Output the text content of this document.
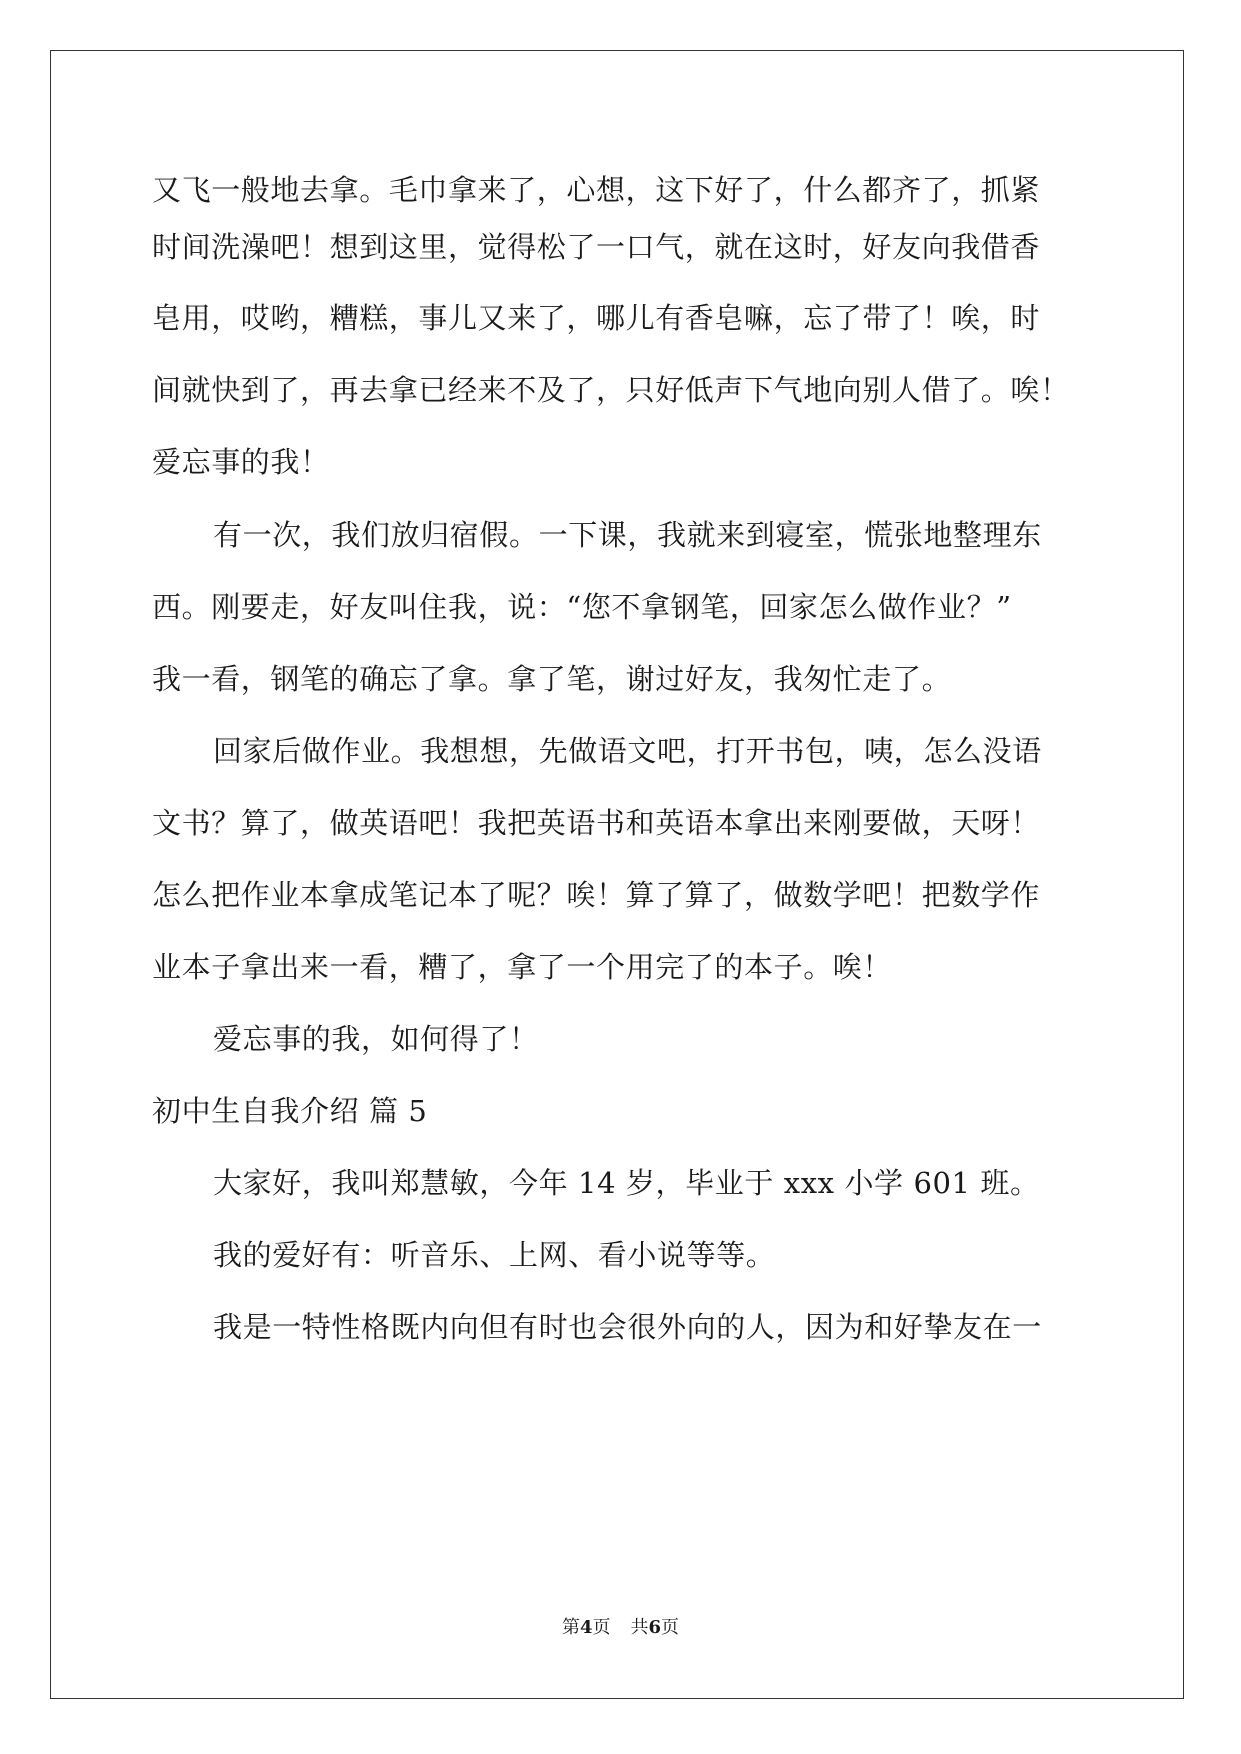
又飞一般地去拿。毛巾拿来了，心想，这下好了，什么都齐了，抓紧
时间洗澡吧！想到这里，觉得松了一口气，就在这时，好友向我借香
皂用，哎哟，糟糕，事儿又来了，哪儿有香皂嘛，忘了带了！唉，时
间就快到了，再去拿已经来不及了，只好低声下气地向别人借了。唉！
爱忘事的我！
有一次，我们放归宿假。一下课，我就来到寝室，慌张地整理东
西。刚要走，好友叫住我，说：“您不拿钢笔，回家怎么做作业？”
我一看，钢笔的确忘了拿。拿了笔，谢过好友，我匆忙走了。
回家后做作业。我想想，先做语文吧，打开书包，咦，怎么没语
文书？算了，做英语吧！我把英语书和英语本拿出来刚要做，天呀！
怎么把作业本拿成笔记本了呢？唉！算了算了，做数学吧！把数学作
业本子拿出来一看，糟了，拿了一个用完了的本子。唉！
爱忘事的我，如何得了！
初中生自我介绍 篇 5
大家好，我叫郑慧敏，今年 14 岁，毕业于 xxx 小学 601 班。
我的爱好有：听音乐、上网、看小说等等。
我是一特性格既内向但有时也会很外向的人，因为和好挚友在一
第4页 共6页
